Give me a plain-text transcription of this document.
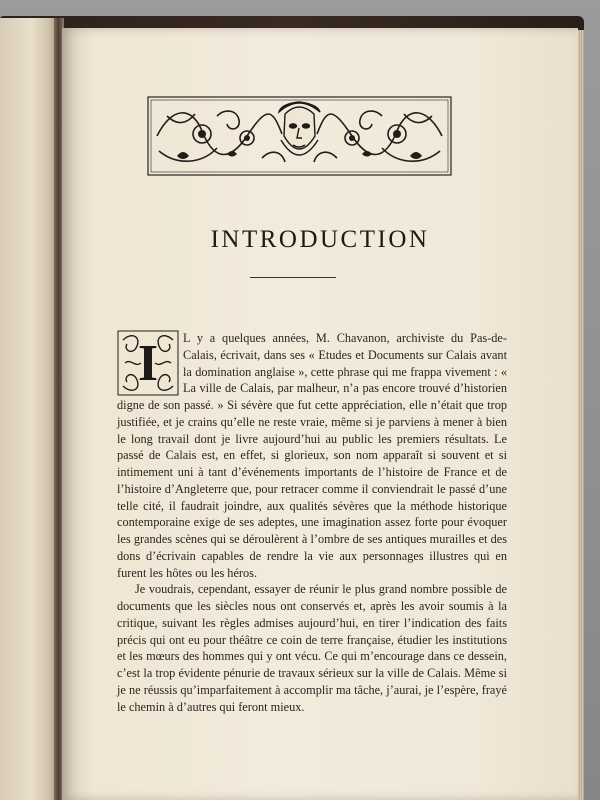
INTRODUCTION
I	L y a quelques années, M. Chavanon, archiviste du Pas-de-Calais, écrivait, dans ses « Etudes et Documents sur Calais avant la domination anglaise », cette phrase qui me frappa vivement : « La ville de Calais, par malheur, n’a pas encore trouvé d’historien digne de son passé. » Si sévère que fut cette appréciation, elle n’était que trop justifiée, et je crains qu’elle ne reste vraie, même si je parviens à mener à bien le long travail dont je livre aujourd’hui au public les premiers résultats. Le passé de Calais est, en effet, si glorieux, son nom apparaît si souvent et si intimement uni à tant d’événements importants de l’histoire de France et de l’histoire d’Angleterre que, pour retracer comme il conviendrait le passé d’une telle cité, il faudrait joindre, aux qualités sévères que la méthode historique contemporaine exige de ses adeptes, une imagination assez forte pour évoquer les grandes scènes qui se déroulèrent à l’ombre de ses antiques murailles et des dons d’écrivain capables de rendre la vie aux personnages illustres qui en furent les hôtes ou les héros.

Je voudrais, cependant, essayer de réunir le plus grand nombre possible de documents que les siècles nous ont conservés et, après les avoir soumis à la critique, suivant les règles admises aujourd’hui, en tirer l’indication des faits précis qui ont eu pour théâtre ce coin de terre française, étudier les institutions et les mœurs des hommes qui y ont vécu. Ce qui m’encourage dans ce dessein, c’est la trop évidente pénurie de travaux sérieux sur la ville de Calais. Même si je ne réussis qu’imparfaitement à accomplir ma tâche, j’aurai, je l’espère, frayé le chemin à d’autres qui feront mieux.
